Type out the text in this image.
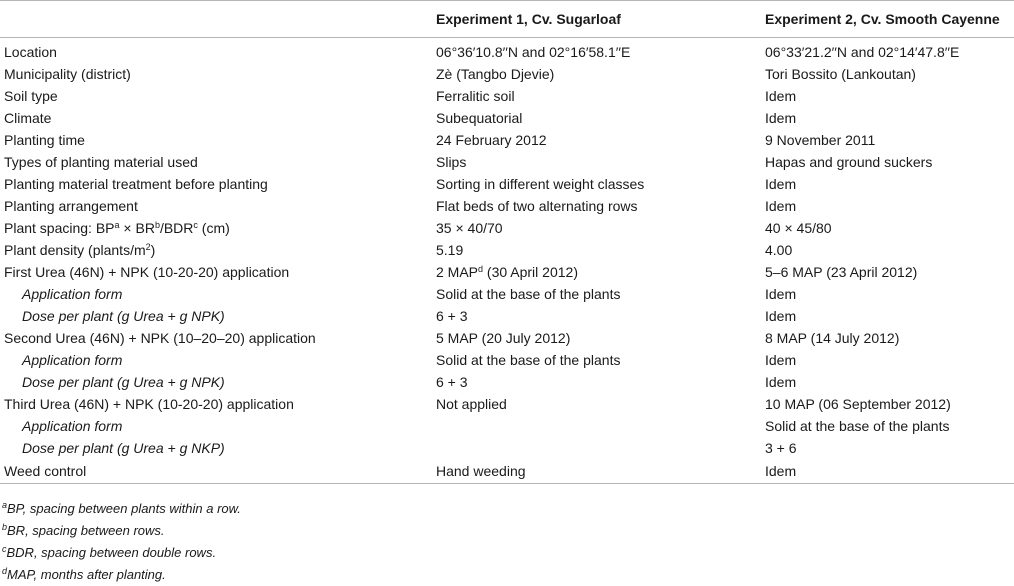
	Experiment 1, Cv. Sugarloaf	Experiment 2, Cv. Smooth Cayenne
Location	06°36′10.8′′N and 02°16′58.1′′E	06°33′21.2′′N and 02°14′47.8′′E
Municipality (district)	Zè (Tangbo Djevie)	Tori Bossito (Lankoutan)
Soil type	Ferralitic soil	Idem
Climate	Subequatorial	Idem
Planting time	24 February 2012	9 November 2011
Types of planting material used	Slips	Hapas and ground suckers
Planting material treatment before planting	Sorting in different weight classes	Idem
Planting arrangement	Flat beds of two alternating rows	Idem
Plant spacing: $BP^a \times BR^b/BDR^c$ (cm)	35 × 40/70	40 × 45/80
Plant density $(plants/m^2)$	5.19	4.00
First Urea (46N) + NPK (10-20-20) application	2 MAP$^d$ (30 April 2012)	5–6 MAP (23 April 2012)
Application form	Solid at the base of the plants	Idem
Dose per plant (g Urea + g NPK)	6 + 3	Idem
Second Urea (46N) + NPK (10–20–20) application	5 MAP (20 July 2012)	8 MAP (14 July 2012)
Application form	Solid at the base of the plants	Idem
Dose per plant (g Urea + g NPK)	6 + 3	Idem
Third Urea (46N) + NPK (10-20-20) application	Not applied	10 MAP (06 September 2012)
Application form		Solid at the base of the plants
Dose per plant (g Urea + g NKP)		3 + 6
Weed control	Hand weeding	Idem
$^a$BP, spacing between plants within a row.
$^b$BR, spacing between rows.
$^c$BDR, spacing between double rows.
$^d$MAP, months after planting.
